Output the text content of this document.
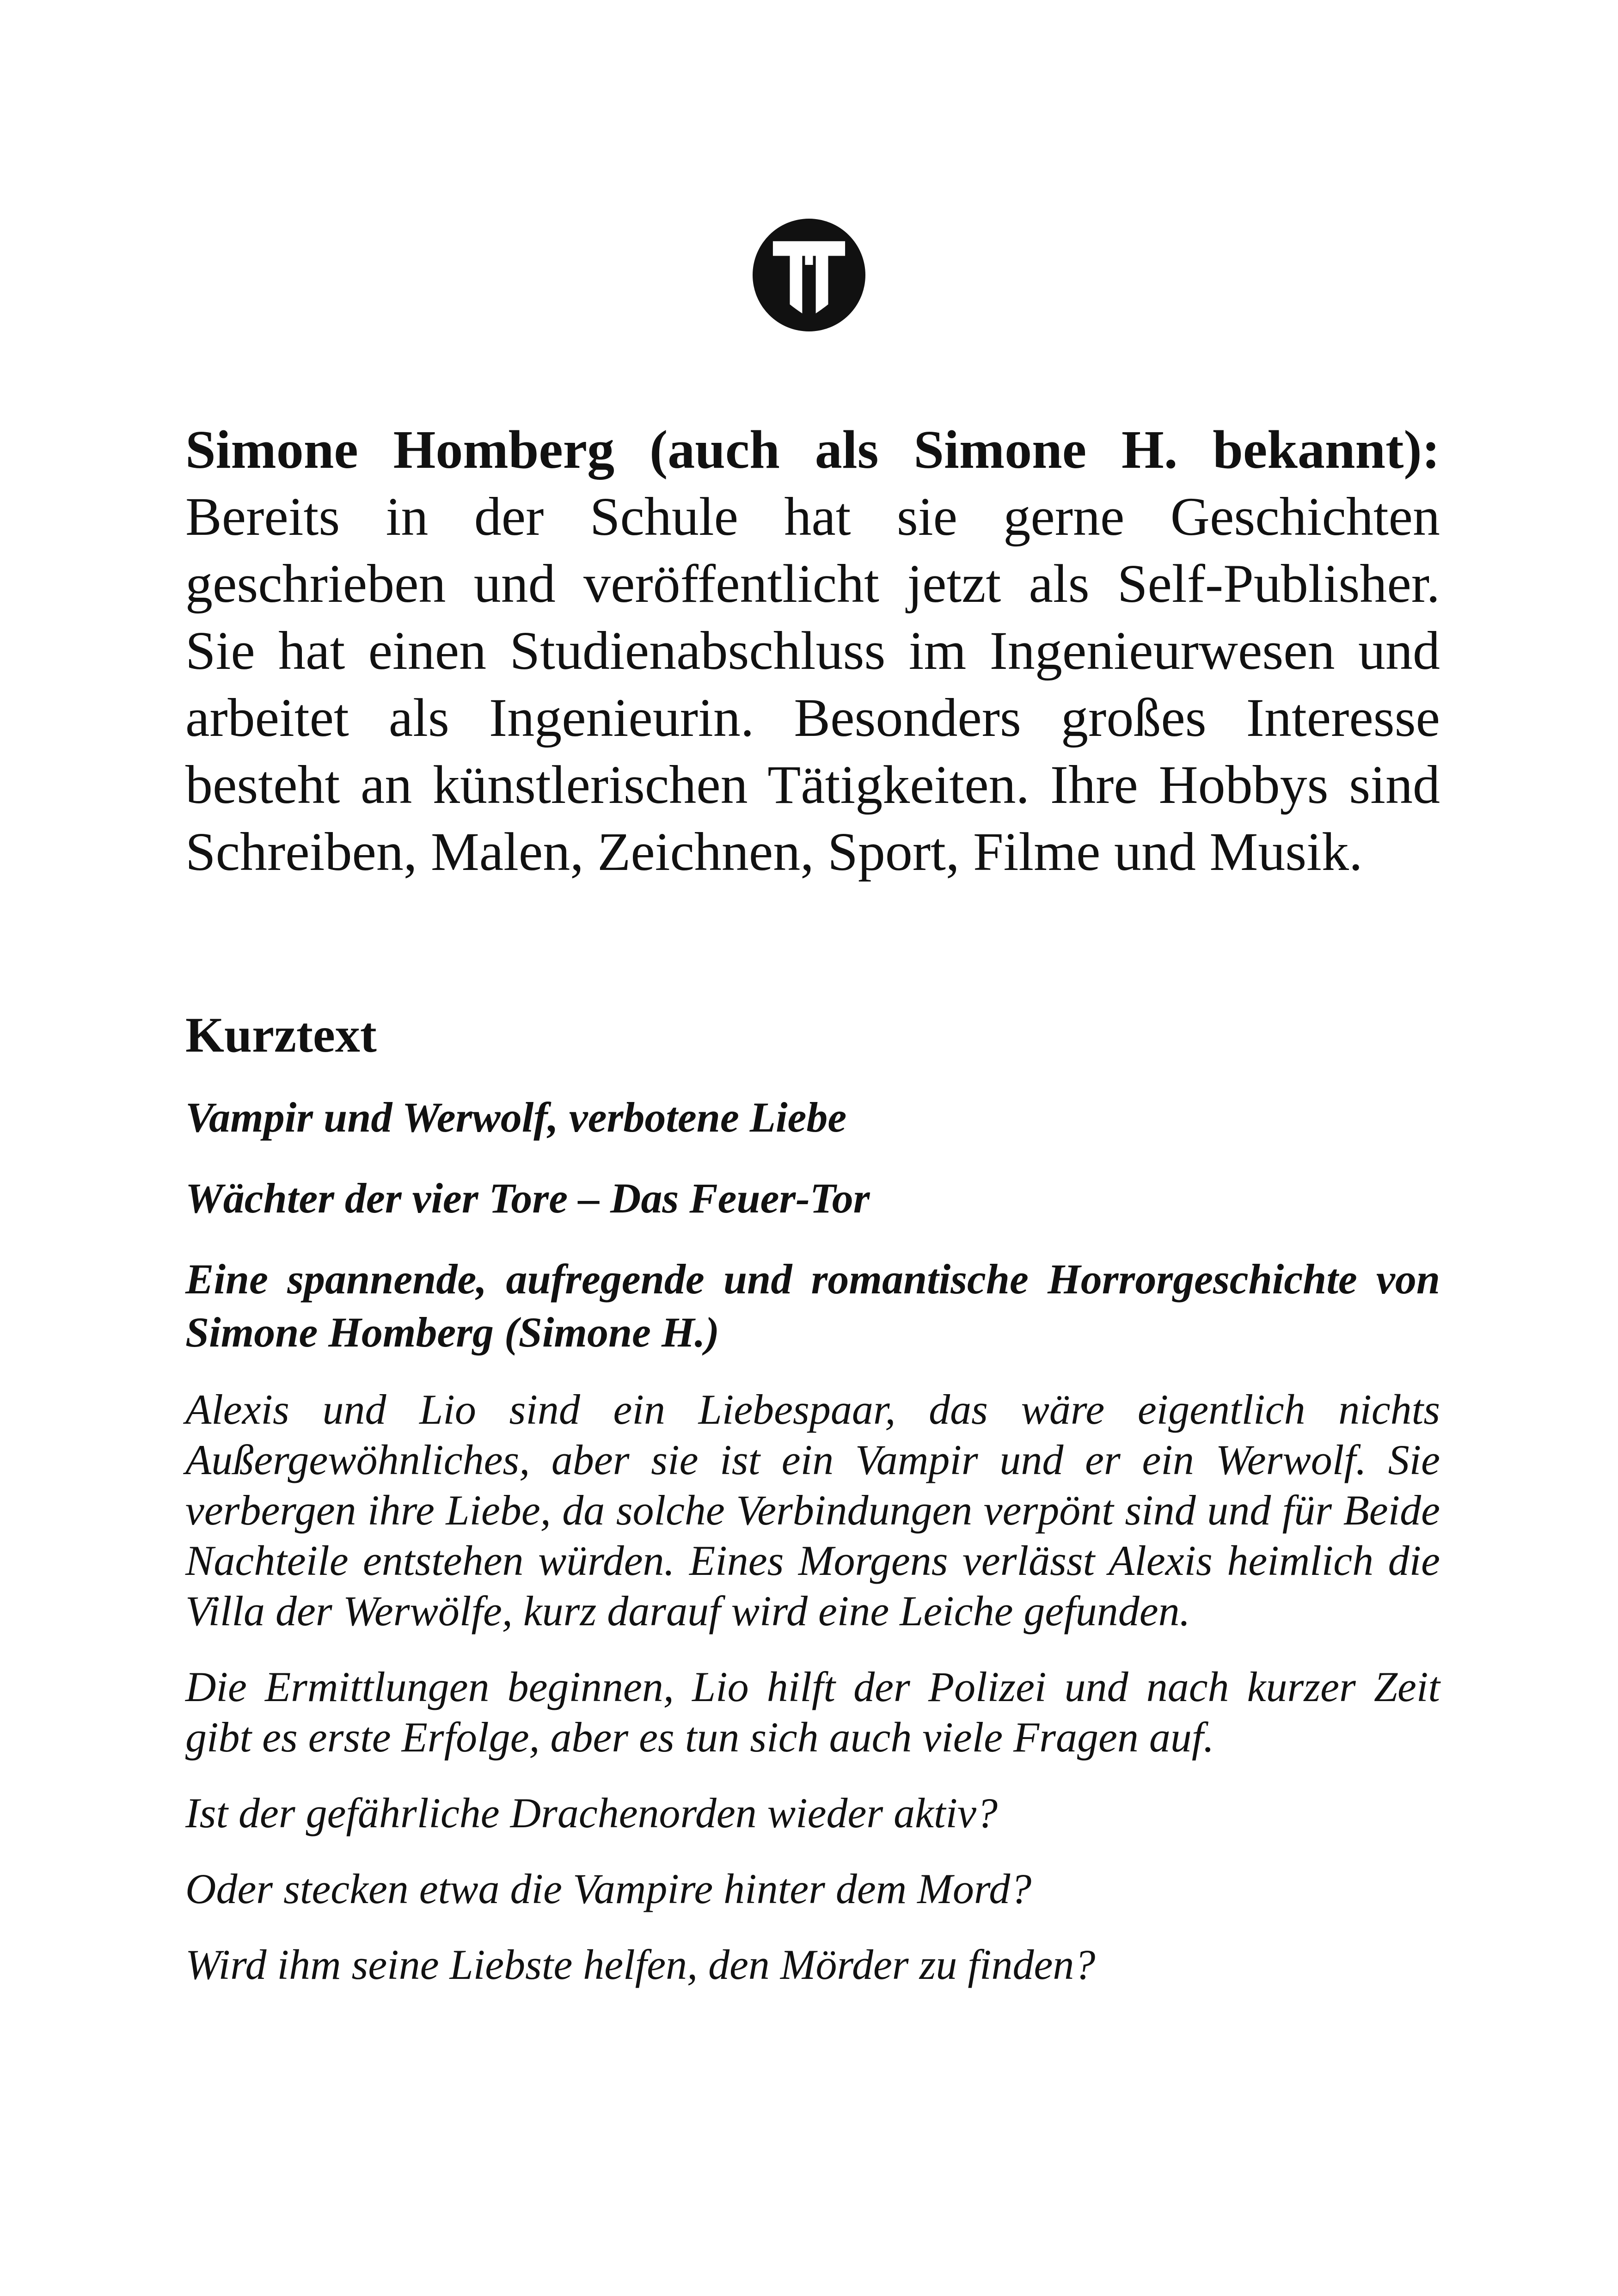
Simone Homberg (auch als Simone H. bekannt): Bereits in der Schule hat sie gerne Geschichten geschrieben und veröffentlicht jetzt als Self-Publisher. Sie hat einen Studienabschluss im Ingenieurwesen und arbeitet als Ingenieurin. Besonders großes Interesse besteht an künstlerischen Tätigkeiten. Ihre Hobbys sind Schreiben, Malen, Zeichnen, Sport, Filme und Musik.

Kurztext

Vampir und Werwolf, verbotene Liebe

Wächter der vier Tore – Das Feuer-Tor

Eine spannende, aufregende und romantische Horrorgeschichte von Simone Homberg (Simone H.)

Alexis und Lio sind ein Liebespaar, das wäre eigentlich nichts Außergewöhnliches, aber sie ist ein Vampir und er ein Werwolf. Sie verbergen ihre Liebe, da solche Verbindungen verpönt sind und für Beide Nachteile entstehen würden. Eines Morgens verlässt Alexis heimlich die Villa der Werwölfe, kurz darauf wird eine Leiche gefunden.

Die Ermittlungen beginnen, Lio hilft der Polizei und nach kurzer Zeit gibt es erste Erfolge, aber es tun sich auch viele Fragen auf.

Ist der gefährliche Drachenorden wieder aktiv?

Oder stecken etwa die Vampire hinter dem Mord?

Wird ihm seine Liebste helfen, den Mörder zu finden?
